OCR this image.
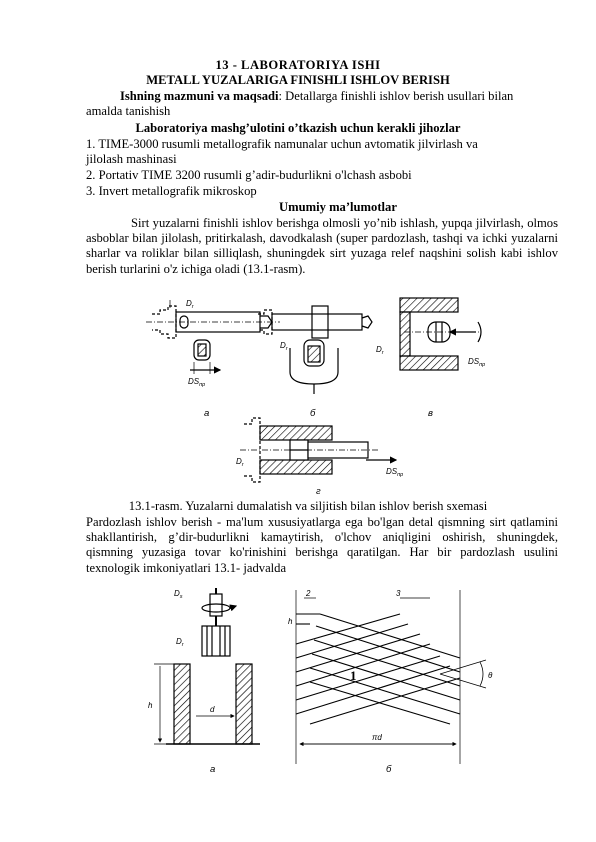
13 - LABORATORIYA ISHI
METALL YUZALARIGA FINISHLI ISHLOV BERISH
Ishning mazmuni va maqsadi: Detallarga finishli ishlov berish usullari bilan
amalda tanishish
Laboratoriya mashg’ulotini o’tkazish uchun kerakli jihozlar
1. TIME-3000 rusumli metallografik namunalar uchun avtomatik jilvirlash va
jilolash mashinasi
2. Portativ TIME 3200 rusumli g’adir-budurlikni o'lchash asbobi
3. Invert metallografik mikroskop
Umumiy ma’lumotlar

Sirt yuzalarni finishli ishlov berishga olmosli yo’nib ishlash, yupqa jilvirlash, olmos asboblar bilan jilolash, pritirkalash, davodkalash (super pardozlash, tashqi va ichki yuzalarni sharlar va roliklar bilan silliqlash, shuningdek sirt yuzaga relef naqshini solish kabi ishlov berish turlarini o'z ichiga oladi (13.1-rasm).

$D_r$
$DS_{пр}$
$D_r$	$D_r$
$DS_{пр}$
$D_r$
$DS_{пр}$
а	б	в
г
13.1-rasm. Yuzalarni dumalatish va siljitish bilan ishlov berish sxemasi

Pardozlash ishlov berish - ma'lum xususiyatlarga ega bo'lgan detal qismning sirt qatlamini shakllantirish, g’dir-budurlikni kamaytirish, o'lchov aniqligini oshirish, shuningdek, qismning yuzasiga tovar ko'rinishini berishga qaratilgan. Har bir pardozlash usulini texnologik imkoniyatlari 13.1- jadvalda

$D_s$
$D_r$
h	d
h
2	3
1	θ
πd
а	б
